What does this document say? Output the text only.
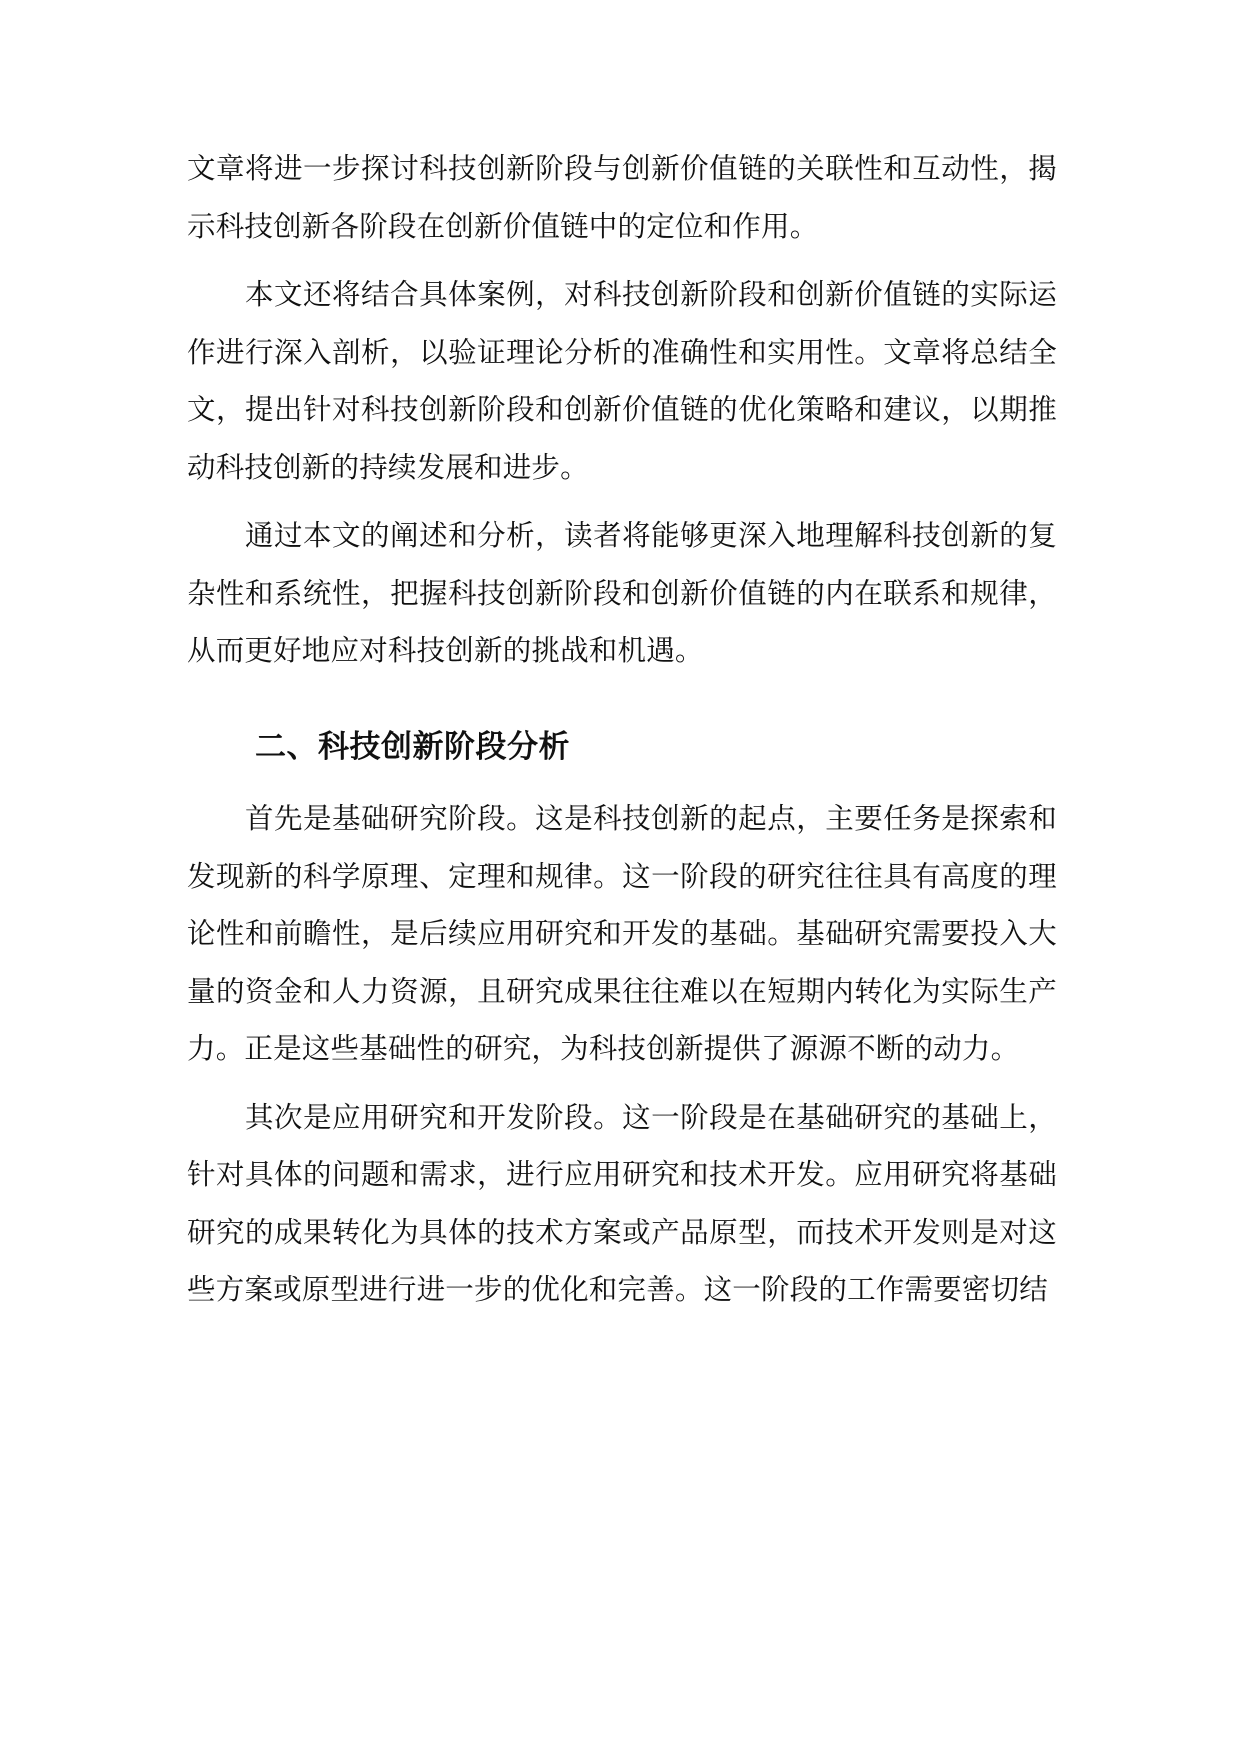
文章将进一步探讨科技创新阶段与创新价值链的关联性和互动性，揭示科技创新各阶段在创新价值链中的定位和作用。

本文还将结合具体案例，对科技创新阶段和创新价值链的实际运作进行深入剖析，以验证理论分析的准确性和实用性。文章将总结全文，提出针对科技创新阶段和创新价值链的优化策略和建议，以期推动科技创新的持续发展和进步。

通过本文的阐述和分析，读者将能够更深入地理解科技创新的复杂性和系统性，把握科技创新阶段和创新价值链的内在联系和规律，从而更好地应对科技创新的挑战和机遇。

二、科技创新阶段分析

首先是基础研究阶段。这是科技创新的起点，主要任务是探索和发现新的科学原理、定理和规律。这一阶段的研究往往具有高度的理论性和前瞻性，是后续应用研究和开发的基础。基础研究需要投入大量的资金和人力资源，且研究成果往往难以在短期内转化为实际生产力。正是这些基础性的研究，为科技创新提供了源源不断的动力。

其次是应用研究和开发阶段。这一阶段是在基础研究的基础上，针对具体的问题和需求，进行应用研究和技术开发。应用研究将基础研究的成果转化为具体的技术方案或产品原型，而技术开发则是对这些方案或原型进行进一步的优化和完善。这一阶段的工作需要密切结
